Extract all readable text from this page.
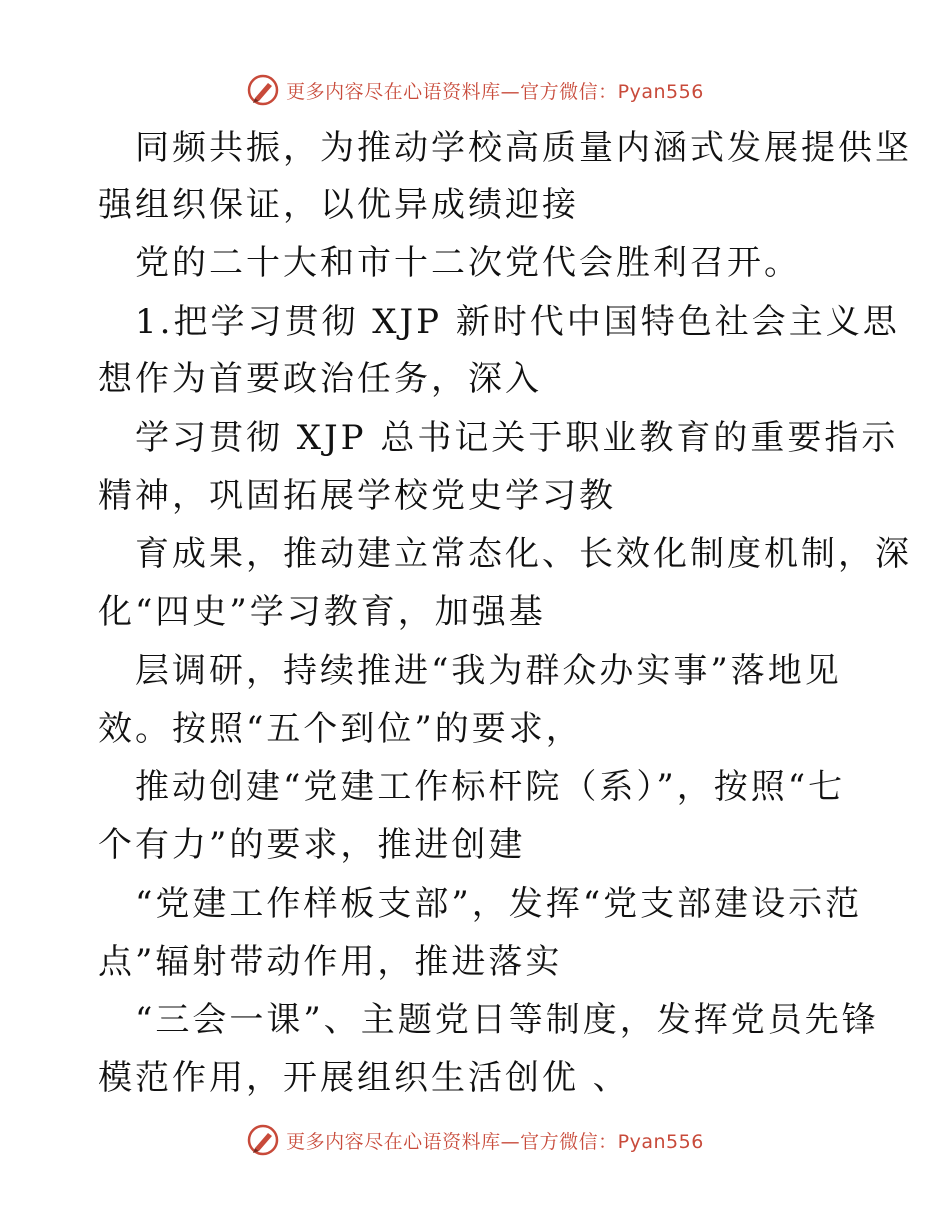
更多内容尽在心语资料库—官方微信：Pyan556
同频共振，为推动学校高质量内涵式发展提供坚
强组织保证，以优异成绩迎接
党的二十大和市十二次党代会胜利召开。
1.把学习贯彻 XJP 新时代中国特色社会主义思
想作为首要政治任务，深入
学习贯彻 XJP 总书记关于职业教育的重要指示
精神，巩固拓展学校党史学习教
育成果，推动建立常态化、长效化制度机制，深
化“四史”学习教育，加强基
层调研，持续推进“我为群众办实事”落地见
效。按照“五个到位”的要求，
推动创建“党建工作标杆院（系）”，按照“七
个有力”的要求，推进创建
“党建工作样板支部”，发挥“党支部建设示范
点”辐射带动作用，推进落实
“三会一课”、主题党日等制度，发挥党员先锋
模范作用，开展组织生活创优 、
更多内容尽在心语资料库—官方微信：Pyan556
